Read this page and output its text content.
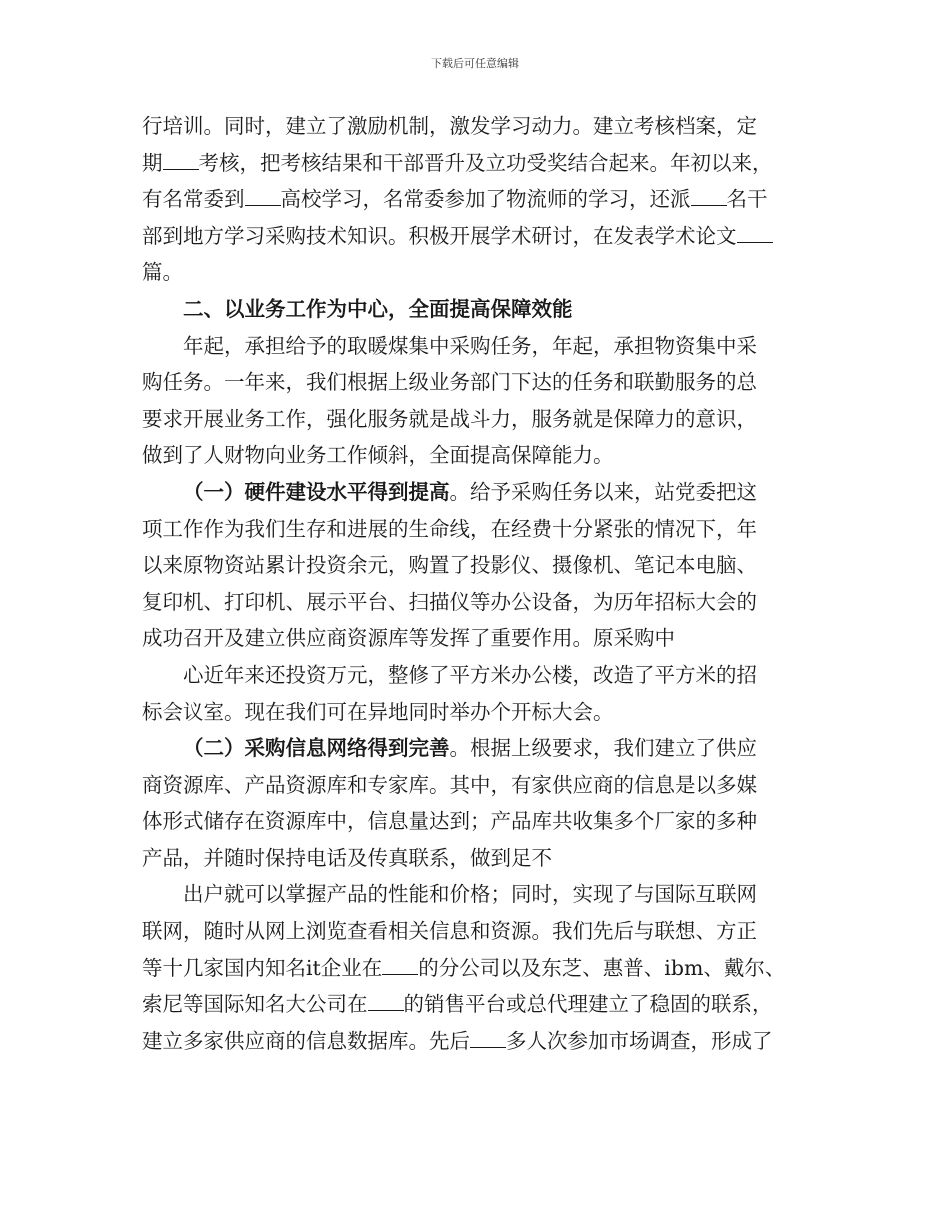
下载后可任意编辑
行培训。同时，建立了激励机制，激发学习动力。建立考核档案，定
期 考核，把考核结果和干部晋升及立功受奖结合起来。年初以来，
有名常委到 高校学习，名常委参加了物流师的学习，还派 名干
部到地方学习采购技术知识。积极开展学术研讨，在发表学术论文
篇。
二、以业务工作为中心，全面提高保障效能
年起，承担给予的取暖煤集中采购任务，年起，承担物资集中采
购任务。一年来，我们根据上级业务部门下达的任务和联勤服务的总
要求开展业务工作，强化服务就是战斗力，服务就是保障力的意识，
做到了人财物向业务工作倾斜，全面提高保障能力。
（一）硬件建设水平得到提高。给予采购任务以来，站党委把这
项工作作为我们生存和进展的生命线，在经费十分紧张的情况下，年
以来原物资站累计投资余元，购置了投影仪、摄像机、笔记本电脑、
复印机、打印机、展示平台、扫描仪等办公设备，为历年招标大会的
成功召开及建立供应商资源库等发挥了重要作用。原采购中
心近年来还投资万元，整修了平方米办公楼，改造了平方米的招
标会议室。现在我们可在异地同时举办个开标大会。
（二）采购信息网络得到完善。根据上级要求，我们建立了供应
商资源库、产品资源库和专家库。其中，有家供应商的信息是以多媒
体形式储存在资源库中，信息量达到；产品库共收集多个厂家的多种
产品，并随时保持电话及传真联系，做到足不
出户就可以掌握产品的性能和价格；同时，实现了与国际互联网
联网，随时从网上浏览查看相关信息和资源。我们先后与联想、方正
等十几家国内知名it企业在 的分公司以及东芝、惠普、ibm、戴尔、
索尼等国际知名大公司在 的销售平台或总代理建立了稳固的联系，
建立多家供应商的信息数据库。先后 多人次参加市场调查，形成了
